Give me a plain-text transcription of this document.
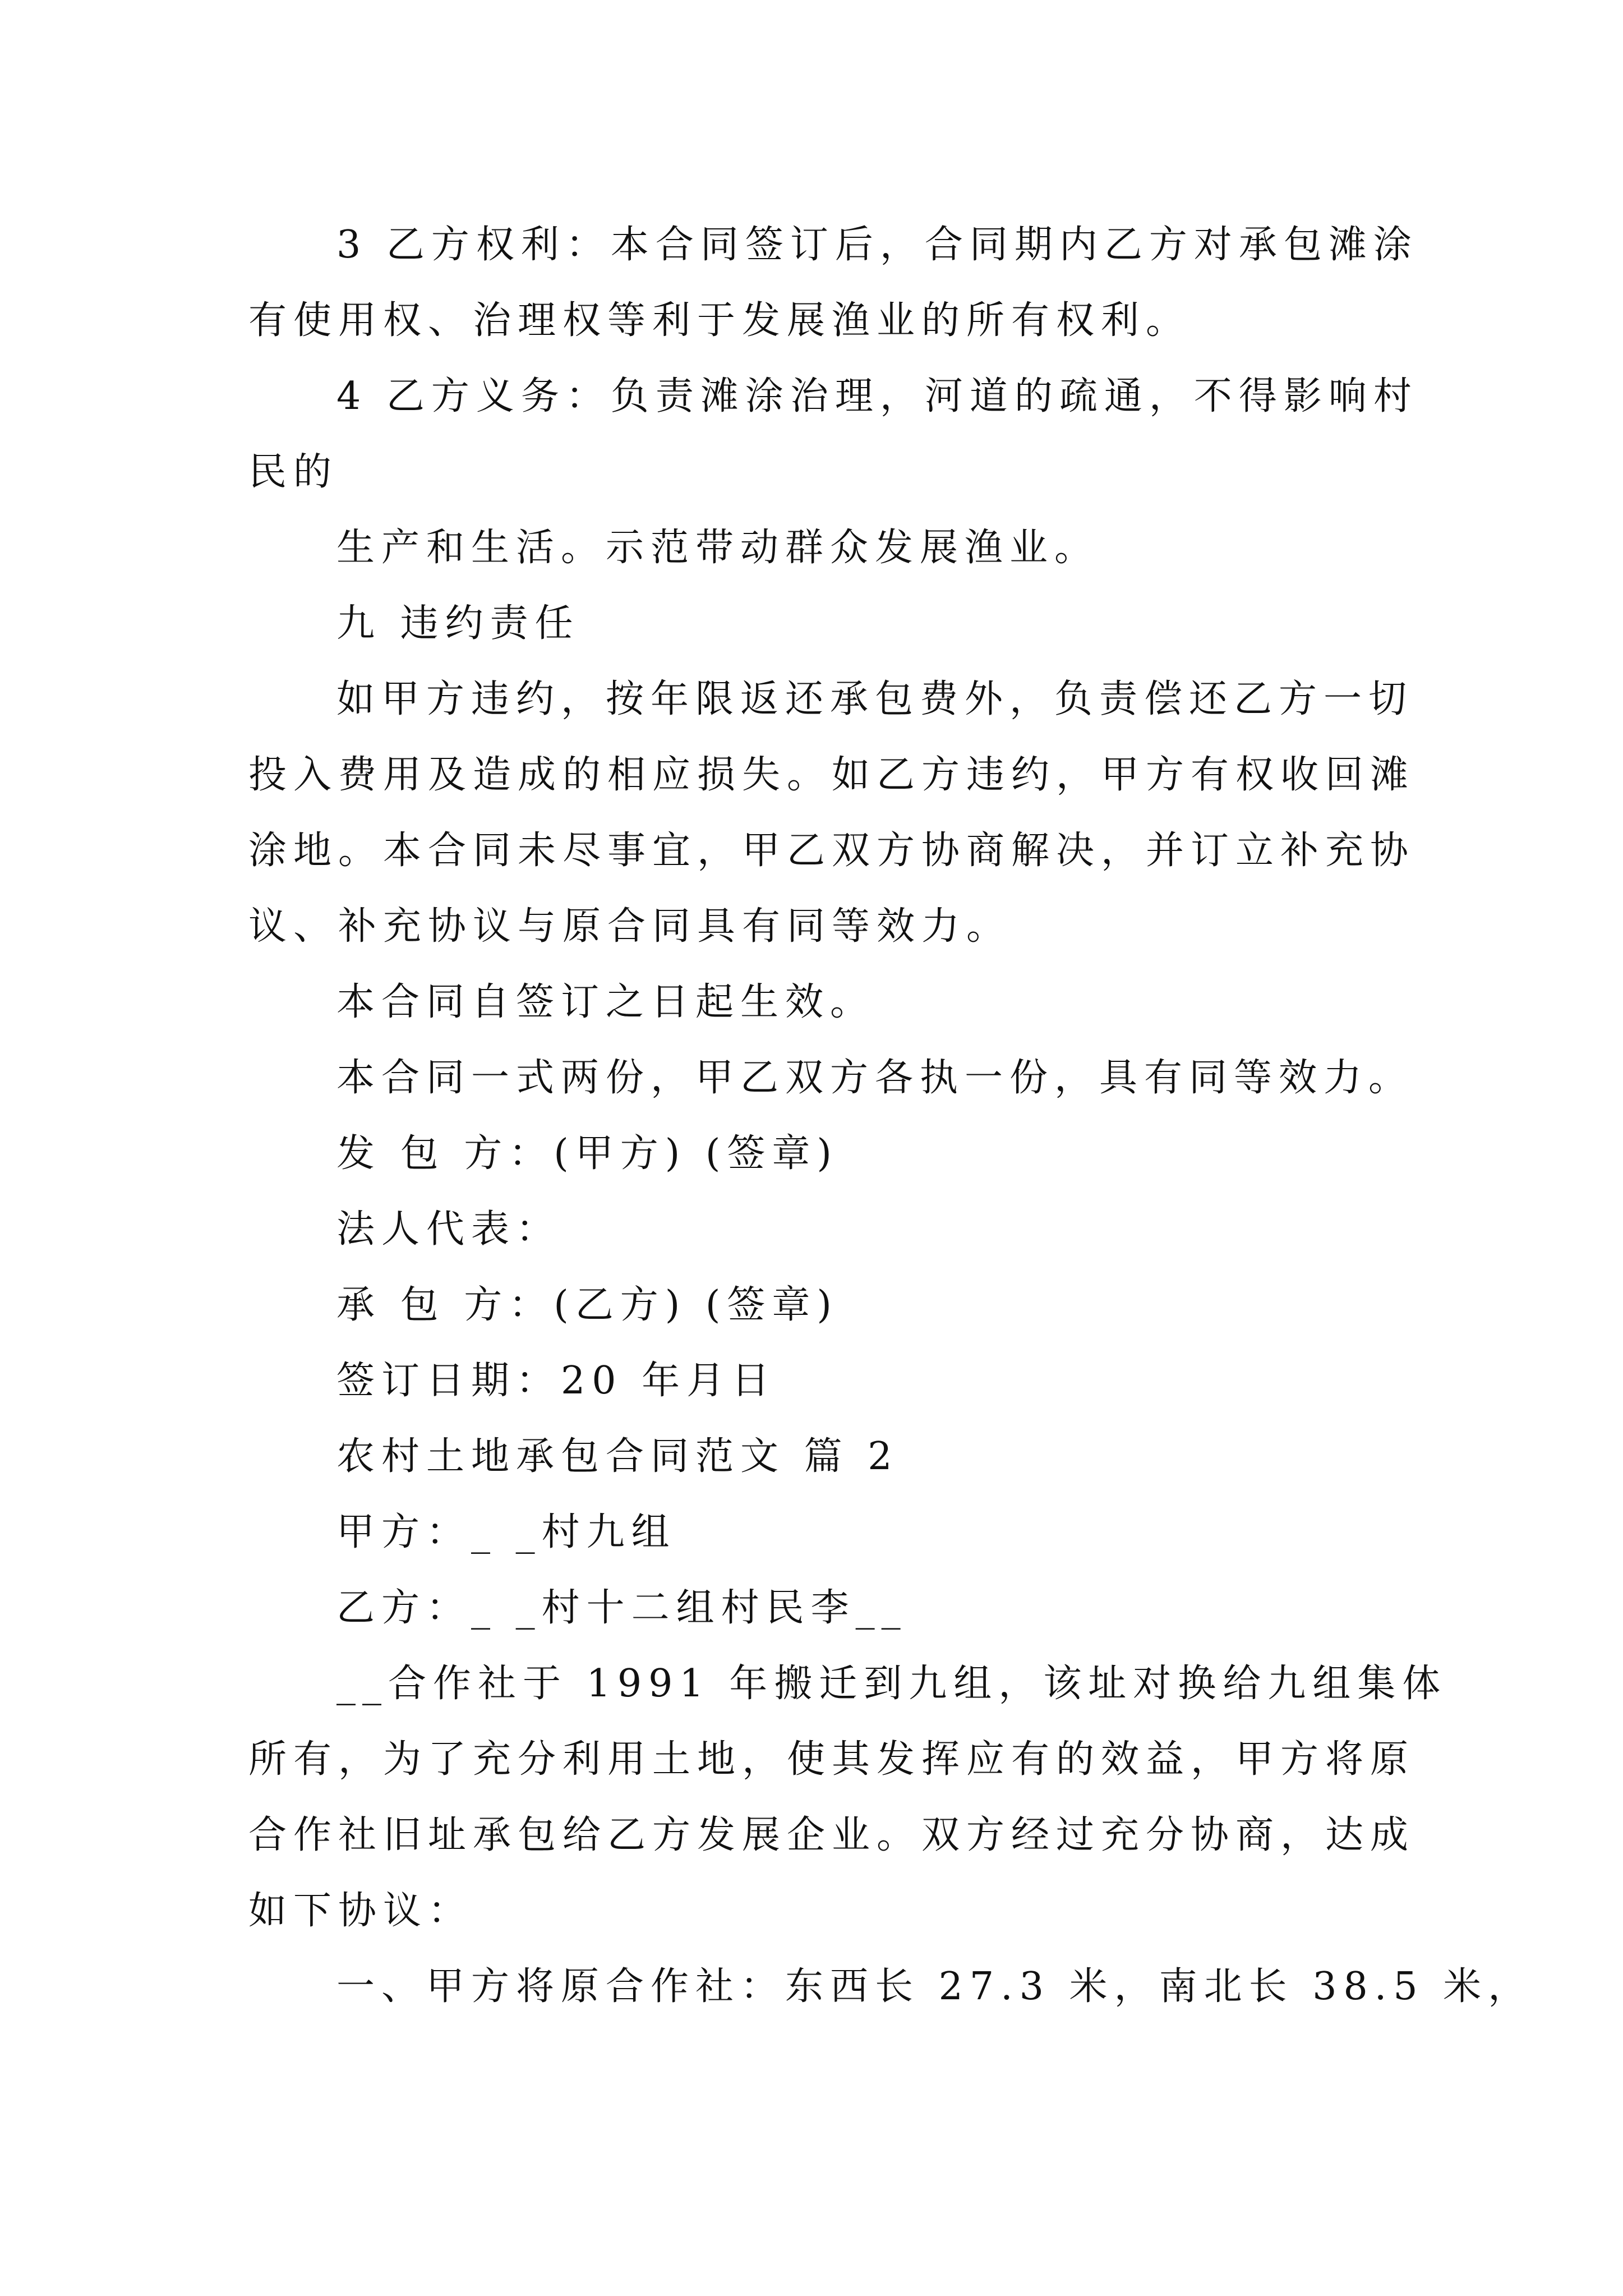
3 乙方权利：本合同签订后，合同期内乙方对承包滩涂
有使用权、治理权等利于发展渔业的所有权利。
4 乙方义务：负责滩涂治理，河道的疏通，不得影响村
民的
生产和生活。示范带动群众发展渔业。
九 违约责任
如甲方违约，按年限返还承包费外，负责偿还乙方一切
投入费用及造成的相应损失。如乙方违约，甲方有权收回滩
涂地。本合同未尽事宜，甲乙双方协商解决，并订立补充协
议、补充协议与原合同具有同等效力。
本合同自签订之日起生效。
本合同一式两份，甲乙双方各执一份，具有同等效力。
发 包 方：(甲方) (签章)
法人代表：
承 包 方：(乙方) (签章)
签订日期：20 年月日
农村土地承包合同范文 篇 2
甲方：_ _村九组
乙方：_ _村十二组村民李__
__合作社于 1991 年搬迁到九组，该址对换给九组集体
所有，为了充分利用土地，使其发挥应有的效益，甲方将原
合作社旧址承包给乙方发展企业。双方经过充分协商，达成
如下协议：
一、甲方将原合作社：东西长 27.3 米，南北长 38.5 米，
